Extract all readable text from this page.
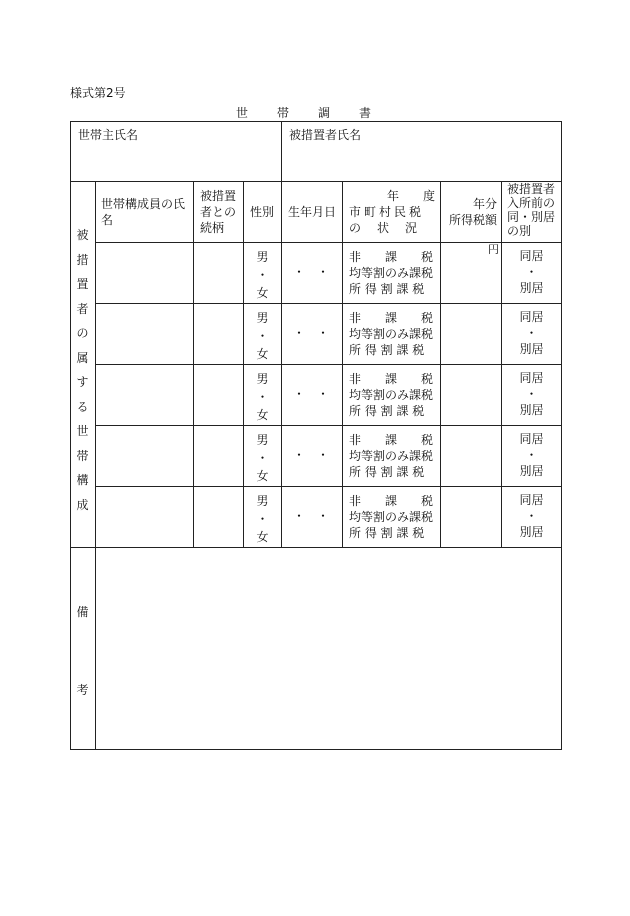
様式第2号
世 帯 調 書
世帯主氏名	被措置者氏名
被
措
置
者
の
属
す
る
世
帯
構
成
世帯構成員の氏
名
被措置
者との
続柄
性別 生年月日
年　　度
市町村民税
の　状　況
年分
所得税額
被措置者
入所前の
同・別居
の別
男
・
女
・　・
非　　課　　税
均等割のみ課税
所 得 割 課 税
同居
・
別居
円
男
・
女
・　・
非　　課　　税
均等割のみ課税
所 得 割 課 税
同居
・
別居
男
・
女
・　・
非　　課　　税
均等割のみ課税
所 得 割 課 税
同居
・
別居
男
・
女
・　・
非　　課　　税
均等割のみ課税
所 得 割 課 税
同居
・
別居
男
・
女
・　・
非　　課　　税
均等割のみ課税
所 得 割 課 税
同居
・
別居
備
考
